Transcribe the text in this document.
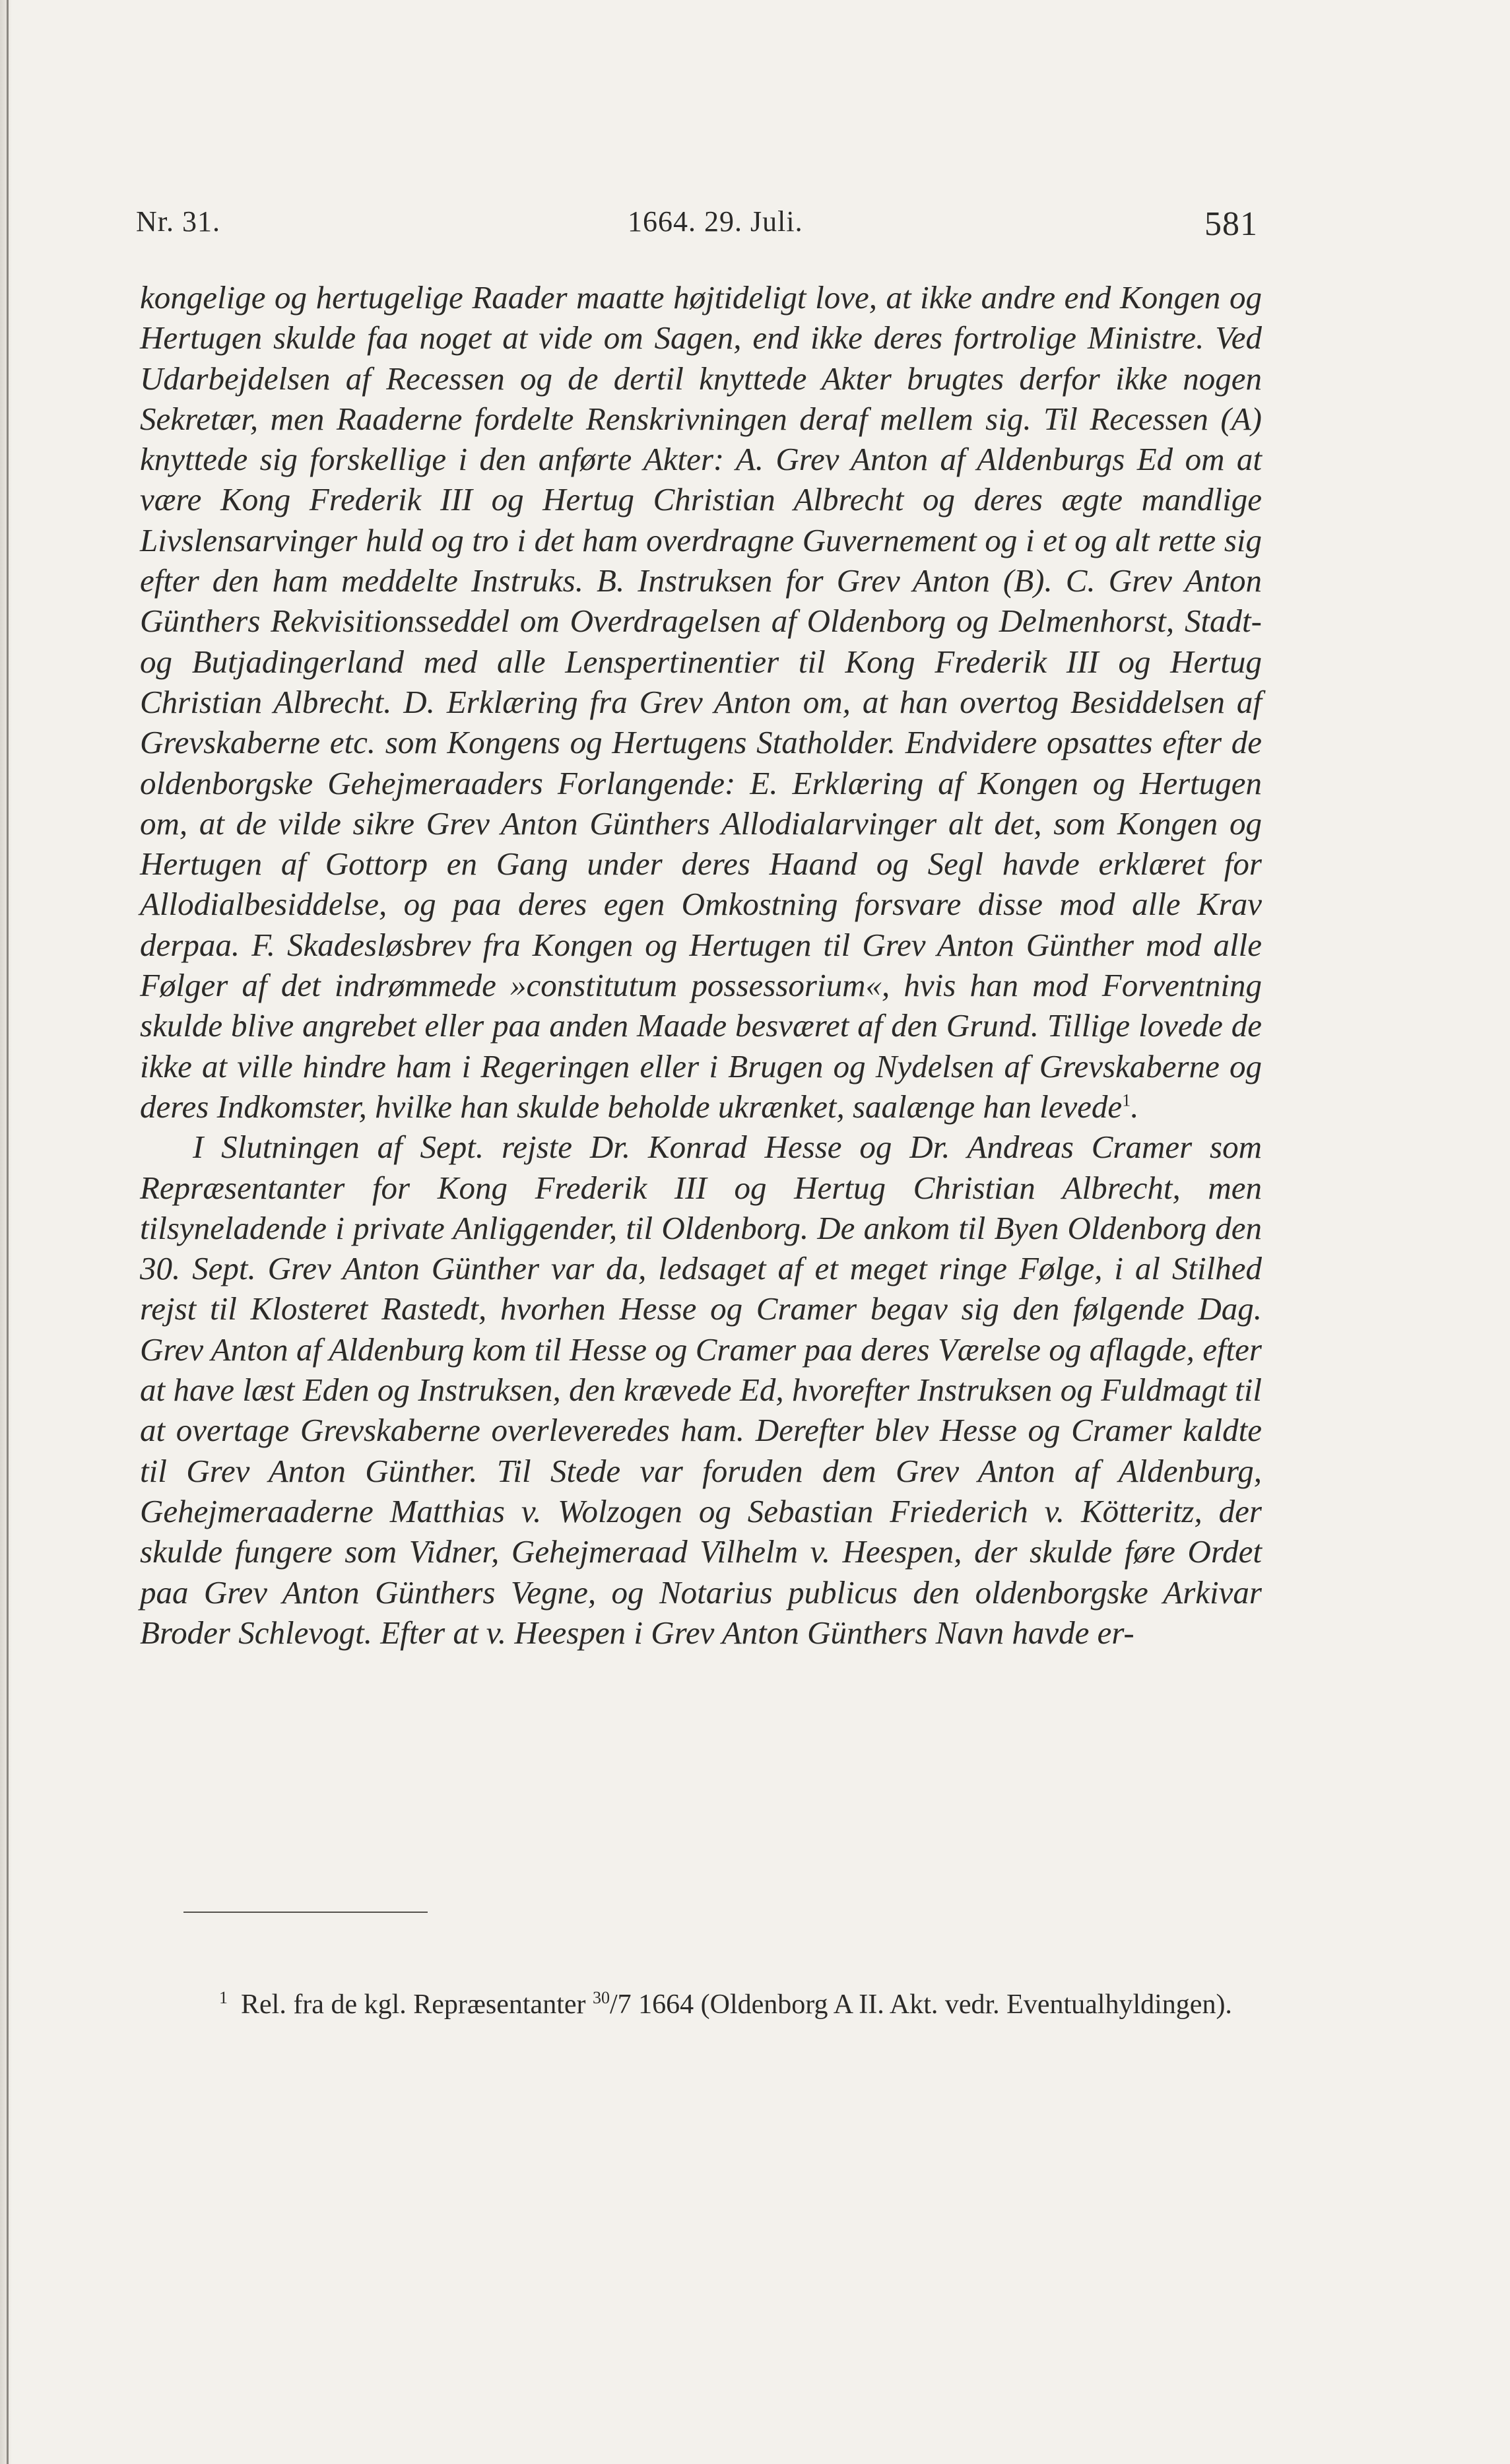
Nr. 31.	1664. 29. Juli.	581

kongelige og hertugelige Raader maatte højtideligt love, at ikke andre end Kongen og Hertugen skulde faa noget at vide om Sagen, end ikke deres fortrolige Ministre. Ved Udarbejdelsen af Recessen og de dertil knyttede Akter brugtes derfor ikke nogen Sekretær, men Raaderne fordelte Renskrivningen deraf mellem sig. Til Recessen (A) knyttede sig forskellige i den anførte Akter: A. Grev Anton af Aldenburgs Ed om at være Kong Frederik III og Hertug Christian Albrecht og deres ægte mandlige Livslensarvinger huld og tro i det ham overdragne Guvernement og i et og alt rette sig efter den ham meddelte Instruks. B. Instruksen for Grev Anton (B). C. Grev Anton Günthers Rekvisitionsseddel om Overdragelsen af Oldenborg og Delmenhorst, Stadt- og Butjadingerland med alle Lenspertinentier til Kong Frederik III og Hertug Christian Albrecht. D. Erklæring fra Grev Anton om, at han overtog Besiddelsen af Grevskaberne etc. som Kongens og Hertugens Statholder. Endvidere opsattes efter de oldenborgske Gehejmeraaders Forlangende: E. Erklæring af Kongen og Hertugen om, at de vilde sikre Grev Anton Günthers Allodialarvinger alt det, som Kongen og Hertugen af Gottorp en Gang under deres Haand og Segl havde erklæret for Allodialbesiddelse, og paa deres egen Omkostning forsvare disse mod alle Krav derpaa. F. Skadesløsbrev fra Kongen og Hertugen til Grev Anton Günther mod alle Følger af det indrømmede »constitutum possessorium«, hvis han mod Forventning skulde blive angrebet eller paa anden Maade besværet af den Grund. Tillige lovede de ikke at ville hindre ham i Regeringen eller i Brugen og Nydelsen af Grevskaberne og deres Indkomster, hvilke han skulde beholde ukrænket, saalænge han levede$^1$.

I Slutningen af Sept. rejste Dr. Konrad Hesse og Dr. Andreas Cramer som Repræsentanter for Kong Frederik III og Hertug Christian Albrecht, men tilsyneladende i private Anliggender, til Oldenborg. De ankom til Byen Oldenborg den 30. Sept. Grev Anton Günther var da, ledsaget af et meget ringe Følge, i al Stilhed rejst til Klosteret Rastedt, hvorhen Hesse og Cramer begav sig den følgende Dag. Grev Anton af Aldenburg kom til Hesse og Cramer paa deres Værelse og aflagde, efter at have læst Eden og Instruksen, den krævede Ed, hvorefter Instruksen og Fuldmagt til at overtage Grevskaberne overleveredes ham. Derefter blev Hesse og Cramer kaldte til Grev Anton Günther. Til Stede var foruden dem Grev Anton af Aldenburg, Gehejmeraaderne Matthias v. Wolzogen og Sebastian Friederich v. Kötteritz, der skulde fungere som Vidner, Gehejmeraad Vilhelm v. Heespen, der skulde føre Ordet paa Grev Anton Günthers Vegne, og Notarius publicus den oldenborgske Arkivar Broder Schlevogt. Efter at v. Heespen i Grev Anton Günthers Navn havde er-

$^1$ Rel. fra de kgl. Repræsentanter $^{30}$/7 1664 (Oldenborg A II. Akt. vedr. Eventualhyldingen).
